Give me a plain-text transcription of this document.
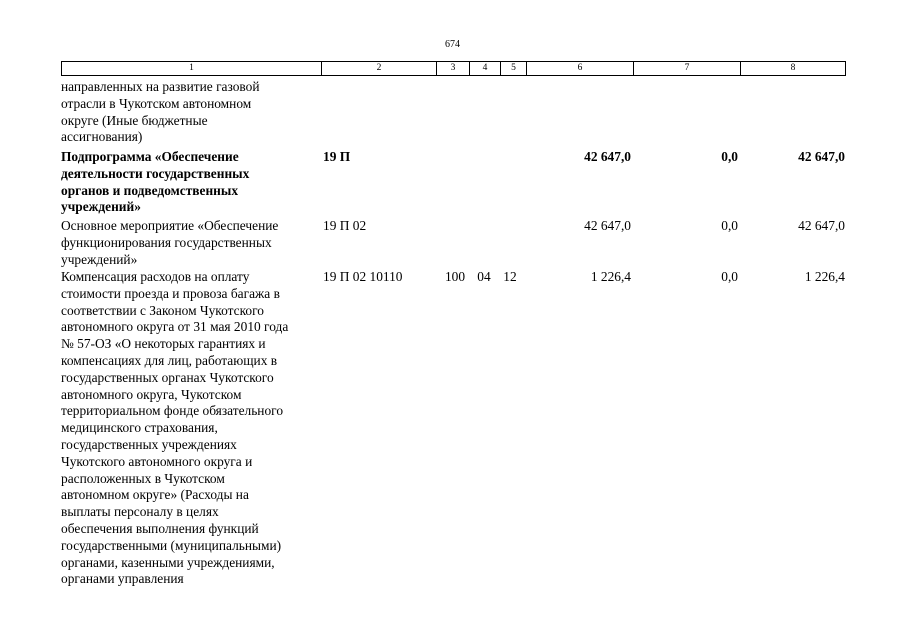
674
1	2	3	4	5	6	7	8
направленных на развитие газовой
отрасли в Чукотском автономном
округе (Иные бюджетные
ассигнования)
Подпрограмма «Обеспечение
деятельности государственных
органов и подведомственных
учреждений»
19 П	42 647,0	0,0	42 647,0
Основное мероприятие «Обеспечение
функционирования государственных
учреждений»
19 П 02	42 647,0	0,0	42 647,0
Компенсация расходов на оплату
стоимости проезда и провоза багажа в
соответствии с Законом Чукотского
автономного округа от 31 мая 2010 года
№ 57-ОЗ «О некоторых гарантиях и
компенсациях для лиц, работающих в
государственных органах Чукотского
автономного округа, Чукотском
территориальном фонде обязательного
медицинского страхования,
государственных учреждениях
Чукотского автономного округа и
расположенных в Чукотском
автономном округе» (Расходы на
выплаты персоналу в целях
обеспечения выполнения функций
государственными (муниципальными)
органами, казенными учреждениями,
органами управления
19 П 02 10110	100 04 12	1 226,4	0,0	1 226,4
